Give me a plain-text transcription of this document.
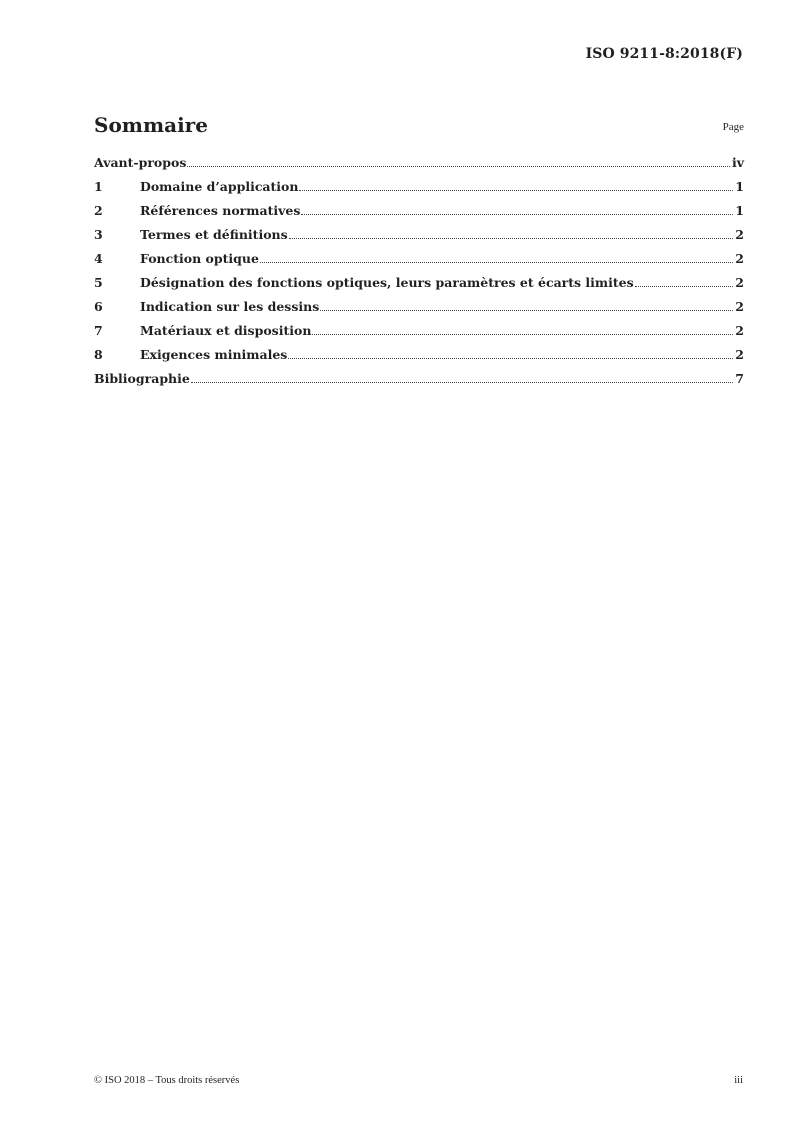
ISO 9211-8:2018(F)
Sommaire	Page
Avant-propos	iv
1	Domaine d’application	1
2	Références normatives	1
3	Termes et définitions	2
4	Fonction optique	2
5	Désignation des fonctions optiques, leurs paramètres et écarts limites	2
6	Indication sur les dessins	2
7	Matériaux et disposition	2
8	Exigences minimales	2
Bibliographie	7
© ISO 2018 – Tous droits réservés	iii
